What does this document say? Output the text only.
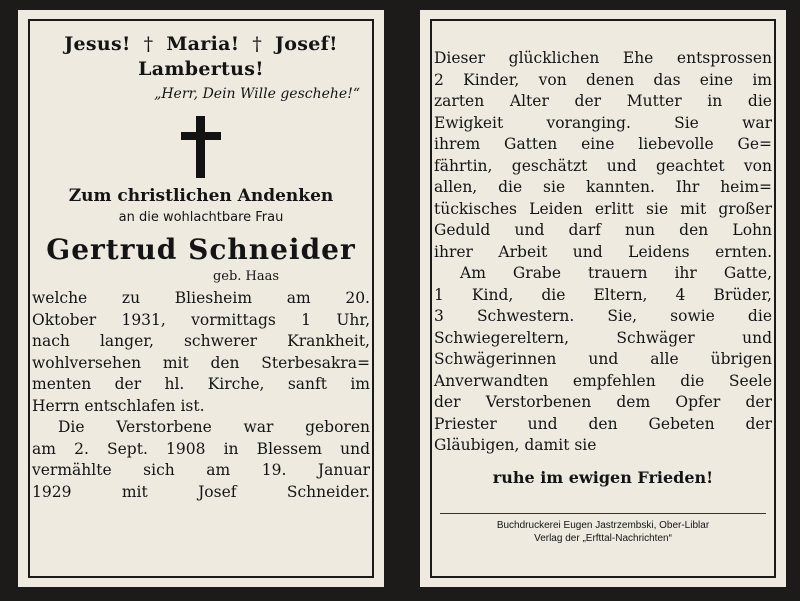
Jesus! † Maria! † Josef!
Lambertus!
„Herr, Dein Wille geschehe!“
Zum christlichen Andenken
an die wohlachtbare Frau
Gertrud Schneider
geb. Haas
welche zu Bliesheim am 20.
Oktober 1931, vormittags 1 Uhr,
nach langer, schwerer Krankheit,
wohlversehen mit den Sterbesakra=
menten der hl. Kirche, sanft im
Herrn entschlafen ist.
Die Verstorbene war geboren
am 2. Sept. 1908 in Blessem und
vermählte sich am 19. Januar
1929 mit Josef Schneider.
Dieser glücklichen Ehe entsprossen
2 Kinder, von denen das eine im
zarten Alter der Mutter in die
Ewigkeit voranging. Sie war
ihrem Gatten eine liebevolle Ge=
fährtin, geschätzt und geachtet von
allen, die sie kannten. Ihr heim=
tückisches Leiden erlitt sie mit großer
Geduld und darf nun den Lohn
ihrer Arbeit und Leidens ernten.
Am Grabe trauern ihr Gatte,
1 Kind, die Eltern, 4 Brüder,
3 Schwestern. Sie, sowie die
Schwiegereltern, Schwäger und
Schwägerinnen und alle übrigen
Anverwandten empfehlen die Seele
der Verstorbenen dem Opfer der
Priester und den Gebeten der
Gläubigen, damit sie
ruhe im ewigen Frieden!
Buchdruckerei Eugen Jastrzembski, Ober-Liblar
Verlag der „Erfttal-Nachrichten“
